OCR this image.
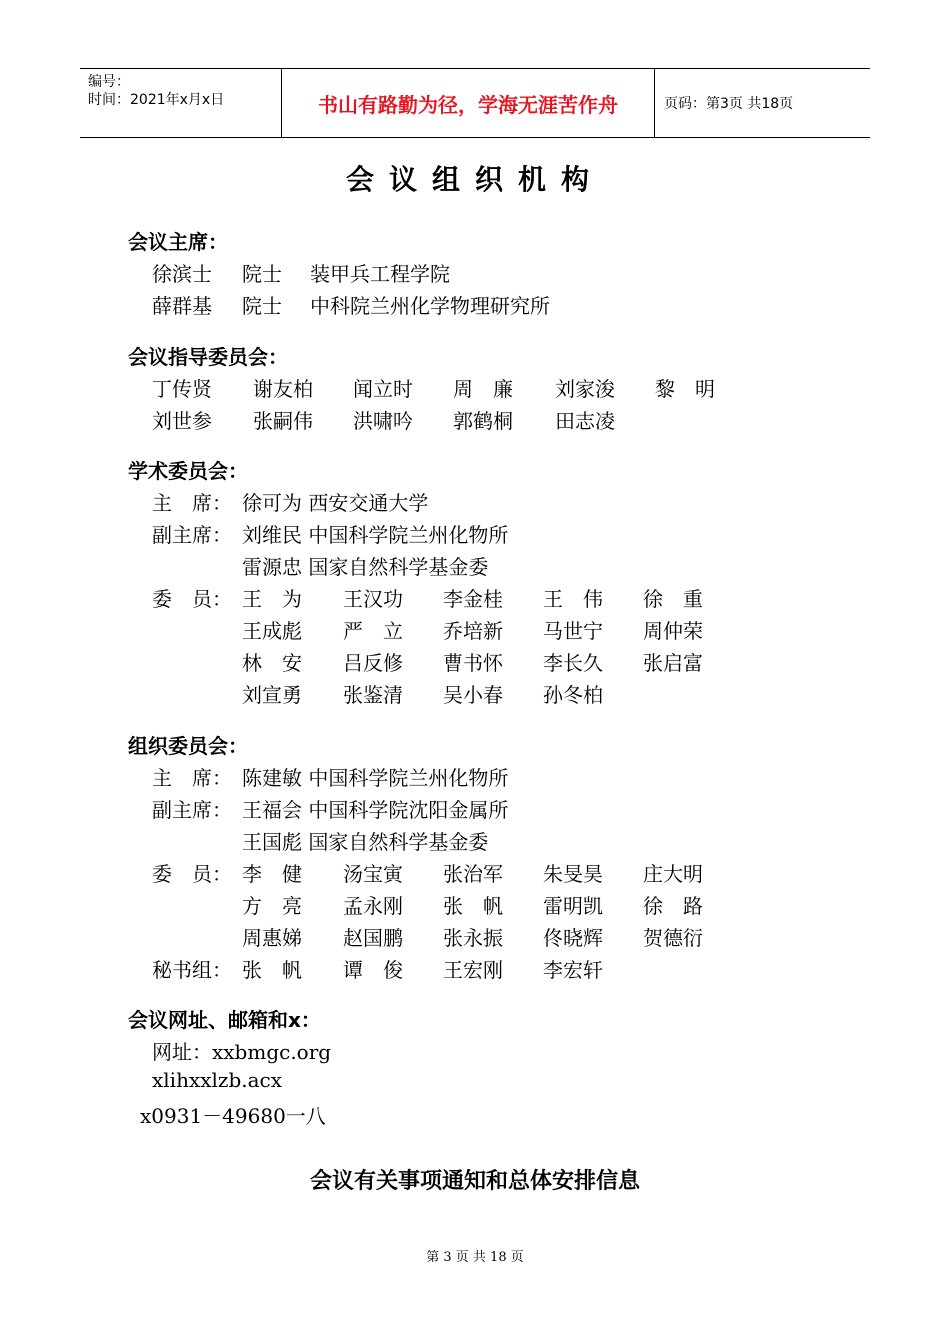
编号：
时间：2021年x月x日	书山有路勤为径，学海无涯苦作舟	页码：第3页 共18页
会议组织机构
会议主席：
徐滨士 院士 装甲兵工程学院
薛群基 院士 中科院兰州化学物理研究所
会议指导委员会：
丁传贤 谢友柏 闻立时 周　廉 刘家浚 黎　明
刘世参 张嗣伟 洪啸吟 郭鹤桐 田志凌
学术委员会：
主　席： 徐可为 西安交通大学
副主席： 刘维民 中国科学院兰州化物所
雷源忠 国家自然科学基金委
委　员： 王　为 王汉功 李金桂 王　伟 徐　重
王成彪 严　立 乔培新 马世宁 周仲荣
林　安 吕反修 曹书怀 李长久 张启富
刘宣勇 张鉴清 吴小春 孙冬柏
组织委员会：
主　席： 陈建敏 中国科学院兰州化物所
副主席： 王福会 中国科学院沈阳金属所
王国彪 国家自然科学基金委
委　员： 李　健 汤宝寅 张治军 朱旻昊 庄大明
方　亮 孟永刚 张　帆 雷明凯 徐　路
周惠娣 赵国鹏 张永振 佟晓辉 贺德衍
秘书组： 张　帆 谭　俊 王宏刚 李宏轩
会议网址、邮箱和x：
网址：xxbmgc.org
xlihxxlzb.acx
x0931－49680一八
会议有关事项通知和总体安排信息
第 3 页 共 18 页
